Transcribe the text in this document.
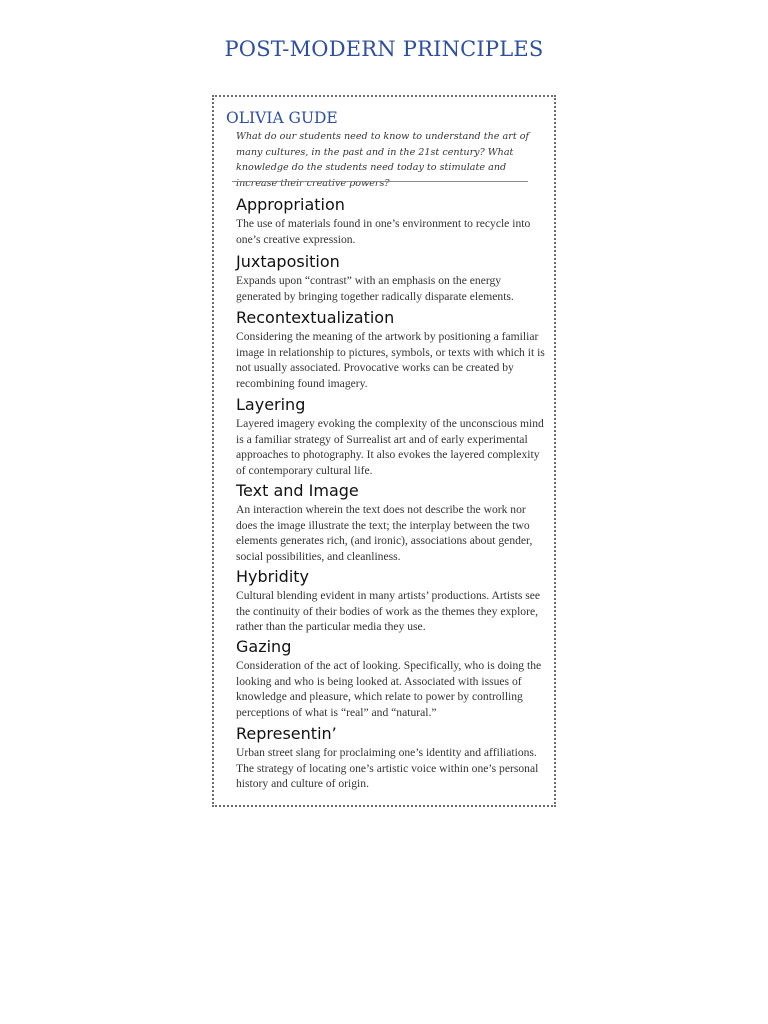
POST-MODERN PRINCIPLES
OLIVIA GUDE

What do our students need to know to understand the art of many cultures, in the past and in the 21st century? What knowledge do the students need today to stimulate and increase their creative powers?

Appropriation

The use of materials found in one’s environment to recycle into one’s creative expression.

Juxtaposition

Expands upon “contrast” with an emphasis on the energy generated by bringing together radically disparate elements.

Recontextualization

Considering the meaning of the artwork by positioning a familiar image in relationship to pictures, symbols, or texts with which it is not usually associated. Provocative works can be created by recombining found imagery.

Layering

Layered imagery evoking the complexity of the unconscious mind is a familiar strategy of Surrealist art and of early experimental approaches to photography. It also evokes the layered complexity of contemporary cultural life.

Text and Image

An interaction wherein the text does not describe the work nor does the image illustrate the text; the interplay between the two elements generates rich, (and ironic), associations about gender, social possibilities, and cleanliness.

Hybridity

Cultural blending evident in many artists’ productions. Artists see the continuity of their bodies of work as the themes they explore, rather than the particular media they use.

Gazing

Consideration of the act of looking. Specifically, who is doing the looking and who is being looked at. Associated with issues of knowledge and pleasure, which relate to power by controlling perceptions of what is “real” and “natural.”

Representin’

Urban street slang for proclaiming one’s identity and affiliations. The strategy of locating one’s artistic voice within one’s personal history and culture of origin.
